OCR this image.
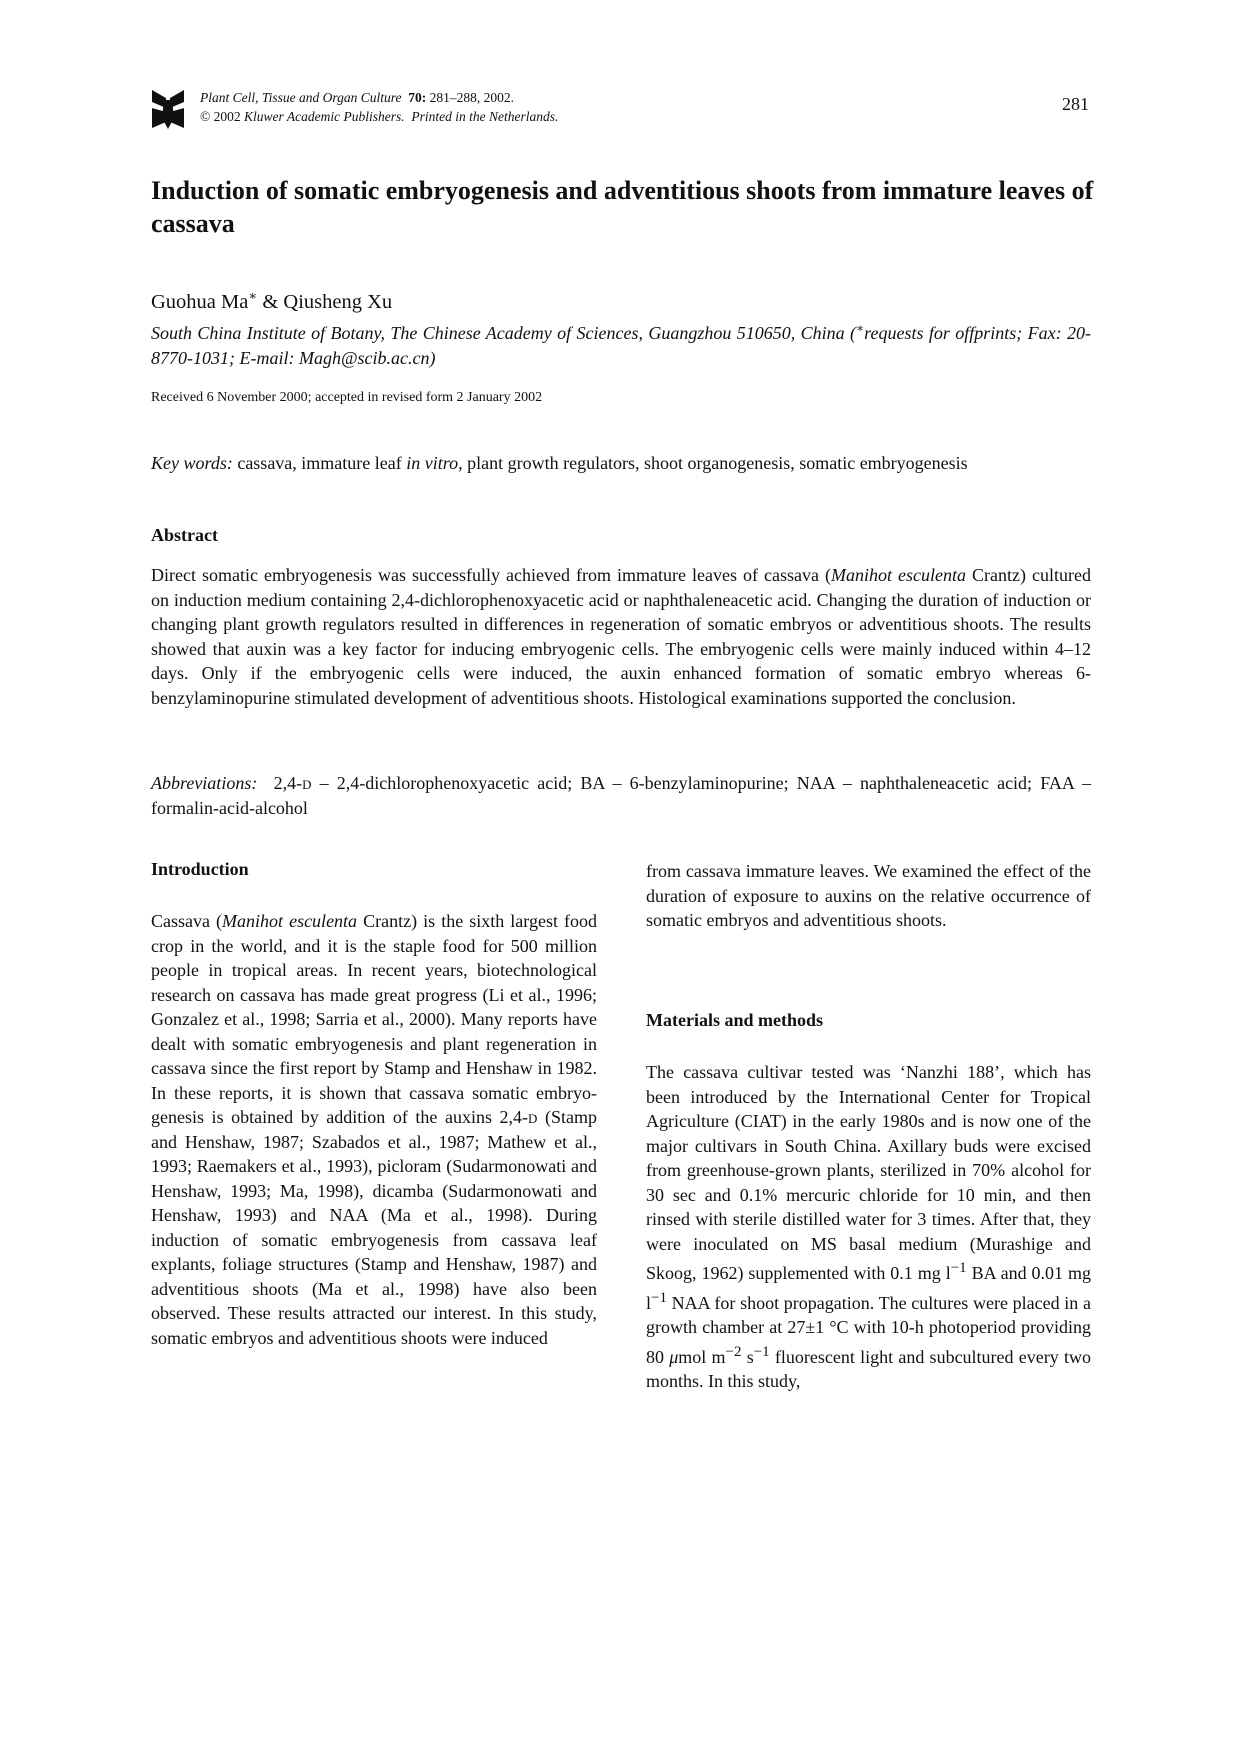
Plant Cell, Tissue and Organ Culture 70: 281–288, 2002.
© 2002 Kluwer Academic Publishers. Printed in the Netherlands.
281
Induction of somatic embryogenesis and adventitious shoots from immature leaves of cassava
Guohua Ma∗ & Qiusheng Xu
South China Institute of Botany, The Chinese Academy of Sciences, Guangzhou 510650, China (∗requests for offprints; Fax: 20-8770-1031; E-mail: Magh@scib.ac.cn)
Received 6 November 2000; accepted in revised form 2 January 2002
Key words: cassava, immature leaf in vitro, plant growth regulators, shoot organogenesis, somatic embryogenesis
Abstract

Direct somatic embryogenesis was successfully achieved from immature leaves of cassava (Manihot esculenta Crantz) cultured on induction medium containing 2,4-dichlorophenoxyacetic acid or naphthaleneacetic acid. Changing the duration of induction or changing plant growth regulators resulted in differences in regeneration of somatic embryos or adventitious shoots. The results showed that auxin was a key factor for inducing embryogenic cells. The embryogenic cells were mainly induced within 4–12 days. Only if the embryogenic cells were induced, the auxin enhanced formation of somatic embryo whereas 6-benzylaminopurine stimulated development of adventitious shoots. Histological examinations supported the conclusion.

Abbreviations:  2,4-d – 2,4-dichlorophenoxyacetic acid; BA – 6-benzylaminopurine; NAA – naphthaleneacetic acid; FAA – formalin-acid-alcohol

Introduction

Cassava (Manihot esculenta Crantz) is the sixth largest food crop in the world, and it is the staple food for 500 million people in tropical areas. In recent years, biotechnological research on cassava has made great progress (Li et al., 1996; Gonzalez et al., 1998; Sarria et al., 2000). Many reports have dealt with somatic embryogenesis and plant regeneration in cassava since the first report by Stamp and Henshaw in 1982. In these reports, it is shown that cassava somatic embryogenesis is obtained by addition of the auxins 2,4-d (Stamp and Henshaw, 1987; Szabados et al., 1987; Mathew et al., 1993; Raemakers et al., 1993), picloram (Sudarmonowati and Henshaw, 1993; Ma, 1998), dicamba (Sudarmonowati and Henshaw, 1993) and NAA (Ma et al., 1998). During induction of somatic embryogenesis from cassava leaf explants, foliage structures (Stamp and Henshaw, 1987) and adventitious shoots (Ma et al., 1998) have also been observed. These results attracted our interest. In this study, somatic embryos and adventitious shoots were induced

from cassava immature leaves. We examined the effect of the duration of exposure to auxins on the relative occurrence of somatic embryos and adventitious shoots.

Materials and methods

The cassava cultivar tested was ‘Nanzhi 188’, which has been introduced by the International Center for Tropical Agriculture (CIAT) in the early 1980s and is now one of the major cultivars in South China. Axillary buds were excised from greenhouse-grown plants, sterilized in 70% alcohol for 30 sec and 0.1% mercuric chloride for 10 min, and then rinsed with sterile distilled water for 3 times. After that, they were inoculated on MS basal medium (Murashige and Skoog, 1962) supplemented with 0.1 mg $l^{-1}$ BA and 0.01 mg $l^{-1}$ NAA for shoot propagation. The cultures were placed in a growth chamber at 27±1 °C with 10-h photoperiod providing 80 μmol $m^{-2}$ $s^{-1}$ fluorescent light and subcultured every two months. In this study,
